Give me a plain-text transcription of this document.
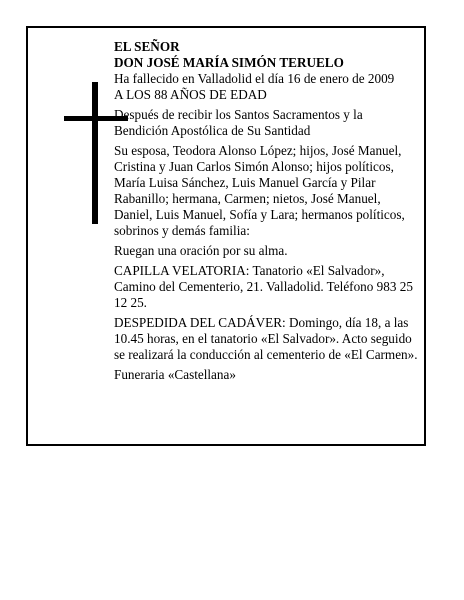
EL SEÑOR

DON JOSÉ MARÍA SIMÓN TERUELO

Ha fallecido en Valladolid el día 16 de enero de 2009

A LOS 88 AÑOS DE EDAD

Después de recibir los Santos Sacramentos y la Bendición Apostólica de Su Santidad

Su esposa, Teodora Alonso López; hijos, José Manuel, Cristina y Juan Carlos Simón Alonso; hijos políticos, María Luisa Sánchez, Luis Manuel García y Pilar Rabanillo; hermana, Carmen; nietos, José Manuel, Daniel, Luis Manuel, Sofía y Lara; hermanos políticos, sobrinos y demás familia:

Ruegan una oración por su alma.

CAPILLA VELATORIA: Tanatorio «El Salvador», Camino del Cementerio, 21. Valladolid. Teléfono 983 25 12 25.

DESPEDIDA DEL CADÁVER: Domingo, día 18, a las 10.45 horas, en el tanatorio «El Salvador». Acto seguido se realizará la conducción al cementerio de «El Carmen».

Funeraria «Castellana»
